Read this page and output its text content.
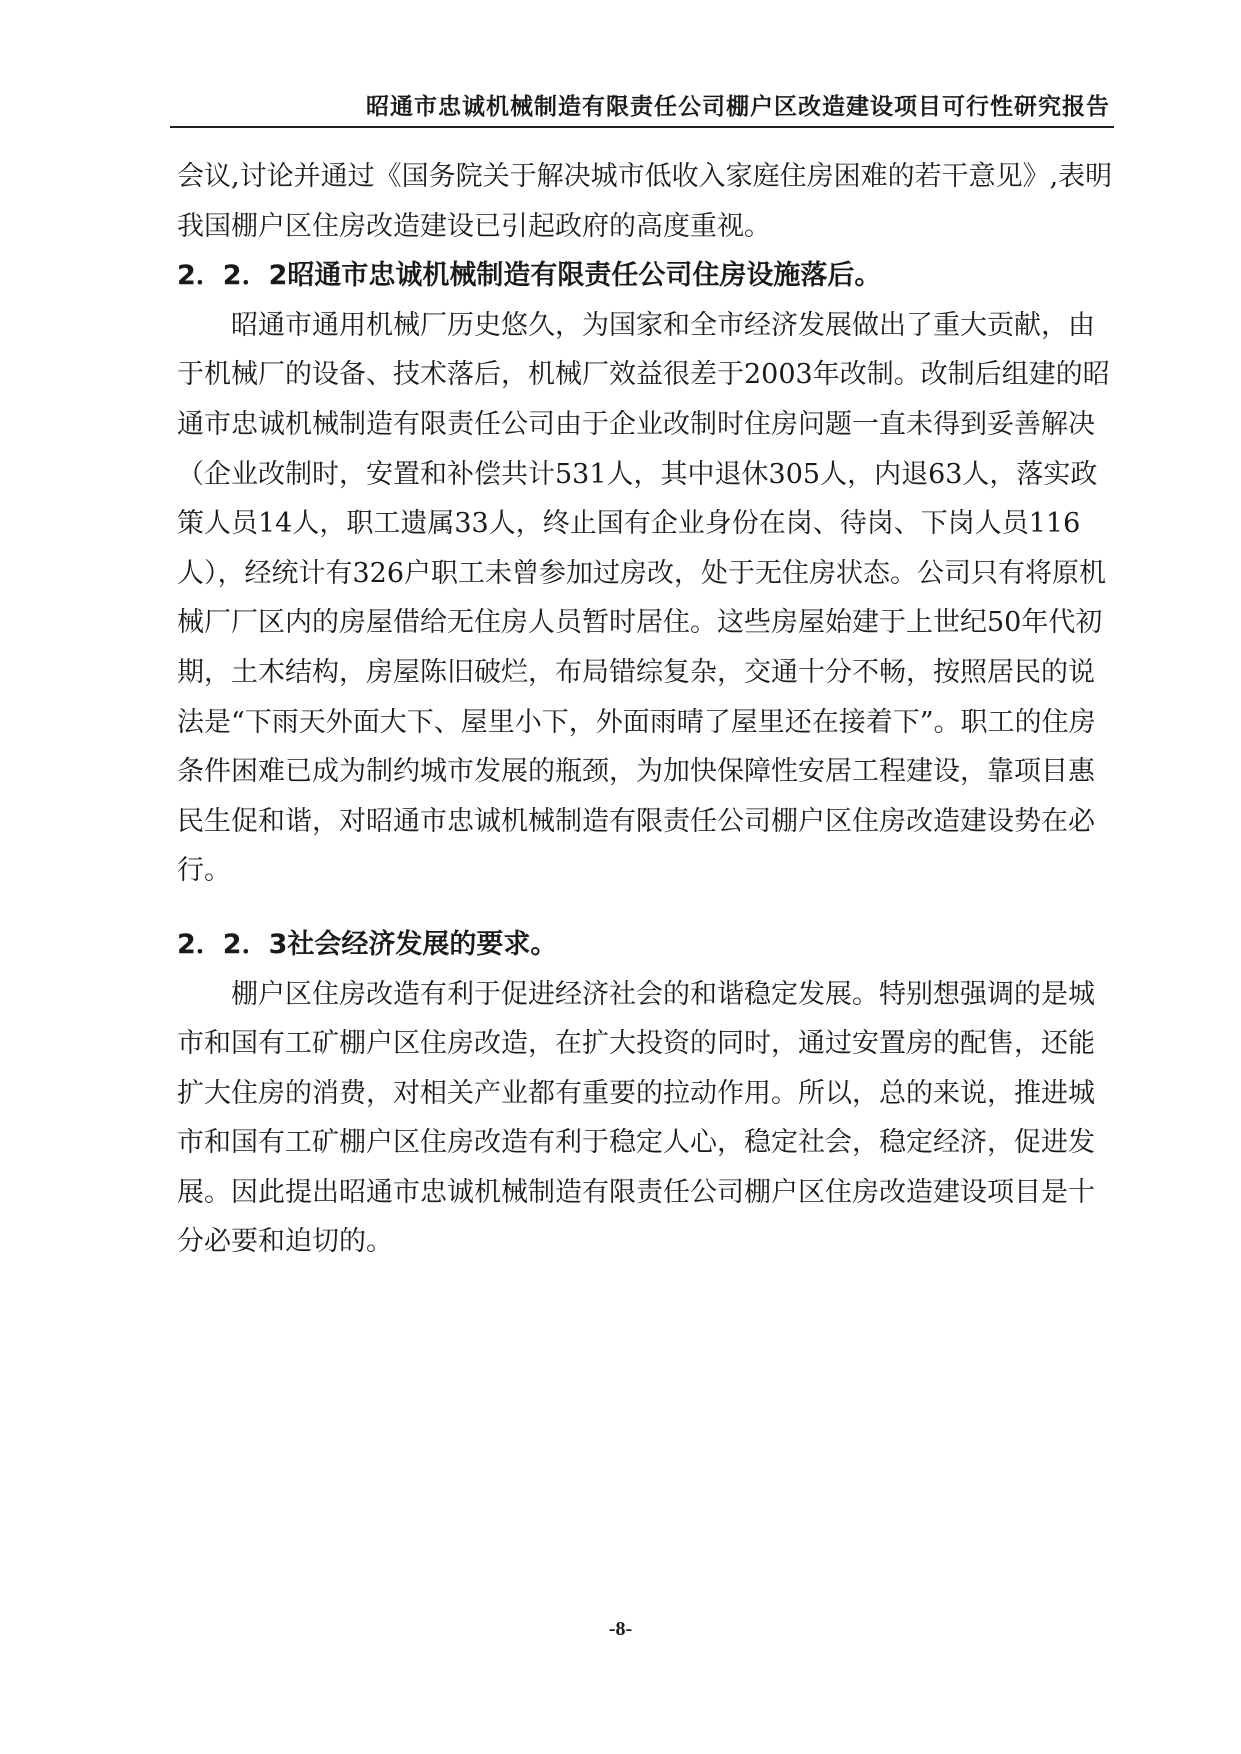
昭通市忠诚机械制造有限责任公司棚户区改造建设项目可行性研究报告

会议,讨论并通过《国务院关于解决城市低收入家庭住房困难的若干意见》,表明我国棚户区住房改造建设已引起政府的高度重视。

2．2．2昭通市忠诚机械制造有限责任公司住房设施落后。

昭通市通用机械厂历史悠久，为国家和全市经济发展做出了重大贡献，由于机械厂的设备、技术落后，机械厂效益很差于2003年改制。改制后组建的昭通市忠诚机械制造有限责任公司由于企业改制时住房问题一直未得到妥善解决（企业改制时，安置和补偿共计531人，其中退休305人，内退63人，落实政策人员14人，职工遗属33人，终止国有企业身份在岗、待岗、下岗人员116人），经统计有326户职工未曾参加过房改，处于无住房状态。公司只有将原机械厂厂区内的房屋借给无住房人员暂时居住。这些房屋始建于上世纪50年代初期，土木结构，房屋陈旧破烂，布局错综复杂，交通十分不畅，按照居民的说法是“下雨天外面大下、屋里小下，外面雨晴了屋里还在接着下”。职工的住房条件困难已成为制约城市发展的瓶颈，为加快保障性安居工程建设，靠项目惠民生促和谐，对昭通市忠诚机械制造有限责任公司棚户区住房改造建设势在必行。

2．2．3社会经济发展的要求。

棚户区住房改造有利于促进经济社会的和谐稳定发展。特别想强调的是城市和国有工矿棚户区住房改造，在扩大投资的同时，通过安置房的配售，还能扩大住房的消费，对相关产业都有重要的拉动作用。所以，总的来说，推进城市和国有工矿棚户区住房改造有利于稳定人心，稳定社会，稳定经济，促进发展。因此提出昭通市忠诚机械制造有限责任公司棚户区住房改造建设项目是十分必要和迫切的。

-8-
